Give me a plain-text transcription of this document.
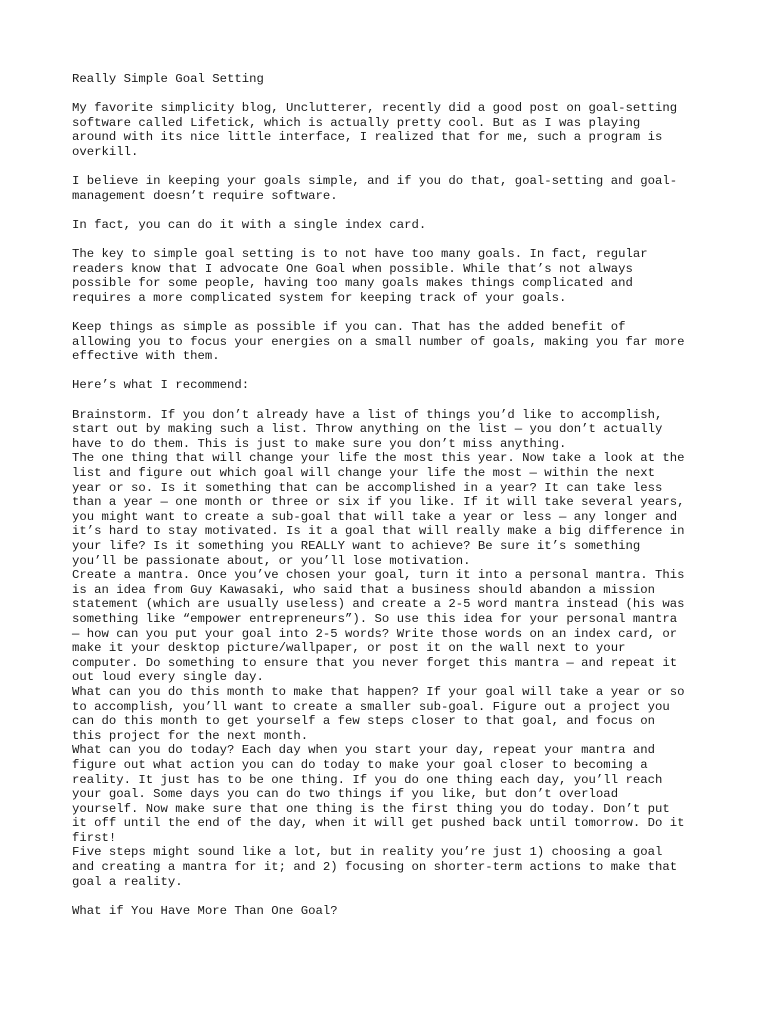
Really Simple Goal Setting
My favorite simplicity blog, Unclutterer, recently did a good post on goal-setting
software called Lifetick, which is actually pretty cool. But as I was playing
around with its nice little interface, I realized that for me, such a program is
overkill.
I believe in keeping your goals simple, and if you do that, goal-setting and goal-
management doesn’t require software.
In fact, you can do it with a single index card.
The key to simple goal setting is to not have too many goals. In fact, regular
readers know that I advocate One Goal when possible. While that’s not always
possible for some people, having too many goals makes things complicated and
requires a more complicated system for keeping track of your goals.
Keep things as simple as possible if you can. That has the added benefit of
allowing you to focus your energies on a small number of goals, making you far more
effective with them.
Here’s what I recommend:
Brainstorm. If you don’t already have a list of things you’d like to accomplish,
start out by making such a list. Throw anything on the list — you don’t actually
have to do them. This is just to make sure you don’t miss anything.
The one thing that will change your life the most this year. Now take a look at the
list and figure out which goal will change your life the most — within the next
year or so. Is it something that can be accomplished in a year? It can take less
than a year — one month or three or six if you like. If it will take several years,
you might want to create a sub-goal that will take a year or less — any longer and
it’s hard to stay motivated. Is it a goal that will really make a big difference in
your life? Is it something you REALLY want to achieve? Be sure it’s something
you’ll be passionate about, or you’ll lose motivation.
Create a mantra. Once you’ve chosen your goal, turn it into a personal mantra. This
is an idea from Guy Kawasaki, who said that a business should abandon a mission
statement (which are usually useless) and create a 2-5 word mantra instead (his was
something like “empower entrepreneurs”). So use this idea for your personal mantra
— how can you put your goal into 2-5 words? Write those words on an index card, or
make it your desktop picture/wallpaper, or post it on the wall next to your
computer. Do something to ensure that you never forget this mantra — and repeat it
out loud every single day.
What can you do this month to make that happen? If your goal will take a year or so
to accomplish, you’ll want to create a smaller sub-goal. Figure out a project you
can do this month to get yourself a few steps closer to that goal, and focus on
this project for the next month.
What can you do today? Each day when you start your day, repeat your mantra and
figure out what action you can do today to make your goal closer to becoming a
reality. It just has to be one thing. If you do one thing each day, you’ll reach
your goal. Some days you can do two things if you like, but don’t overload
yourself. Now make sure that one thing is the first thing you do today. Don’t put
it off until the end of the day, when it will get pushed back until tomorrow. Do it
first!
Five steps might sound like a lot, but in reality you’re just 1) choosing a goal
and creating a mantra for it; and 2) focusing on shorter-term actions to make that
goal a reality.
What if You Have More Than One Goal?
